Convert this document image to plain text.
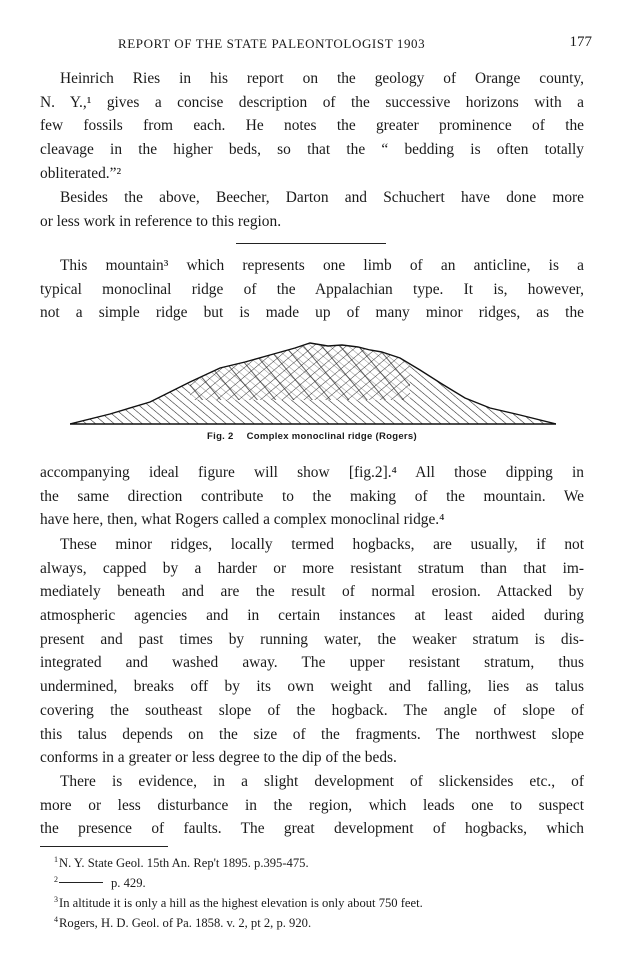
REPORT OF THE STATE PALEONTOLOGIST 1903	177
Heinrich Ries in his report on the geology of Orange county,
N. Y.,¹ gives a concise description of the successive horizons with a
few fossils from each. He notes the greater prominence of the
cleavage in the higher beds, so that the “ bedding is often totally
obliterated.”²
Besides the above, Beecher, Darton and Schuchert have done more
or less work in reference to this region.
This mountain³ which represents one limb of an anticline, is a
typical monoclinal ridge of the Appalachian type. It is, however,
not a simple ridge but is made up of many minor ridges, as the
Fig. 2 Complex monoclinal ridge (Rogers)
accompanying ideal figure will show [fig.2].⁴ All those dipping in
the same direction contribute to the making of the mountain. We
have here, then, what Rogers called a complex monoclinal ridge.⁴
These minor ridges, locally termed hogbacks, are usually, if not
always, capped by a harder or more resistant stratum than that im-
mediately beneath and are the result of normal erosion. Attacked by
atmospheric agencies and in certain instances at least aided during
present and past times by running water, the weaker stratum is dis-
integrated and washed away. The upper resistant stratum, thus
undermined, breaks off by its own weight and falling, lies as talus
covering the southeast slope of the hogback. The angle of slope of
this talus depends on the size of the fragments. The northwest slope
conforms in a greater or less degree to the dip of the beds.
There is evidence, in a slight development of slickensides etc., of
more or less disturbance in the region, which leads one to suspect
the presence of faults. The great development of hogbacks, which
$^1$N. Y. State Geol. 15th An. Rep't 1895. p.395-475.
$^2$	p. 429.
$^3$In altitude it is only a hill as the highest elevation is only about 750 feet.
$^4$Rogers, H. D. Geol. of Pa. 1858. v. 2, pt 2, p. 920.
